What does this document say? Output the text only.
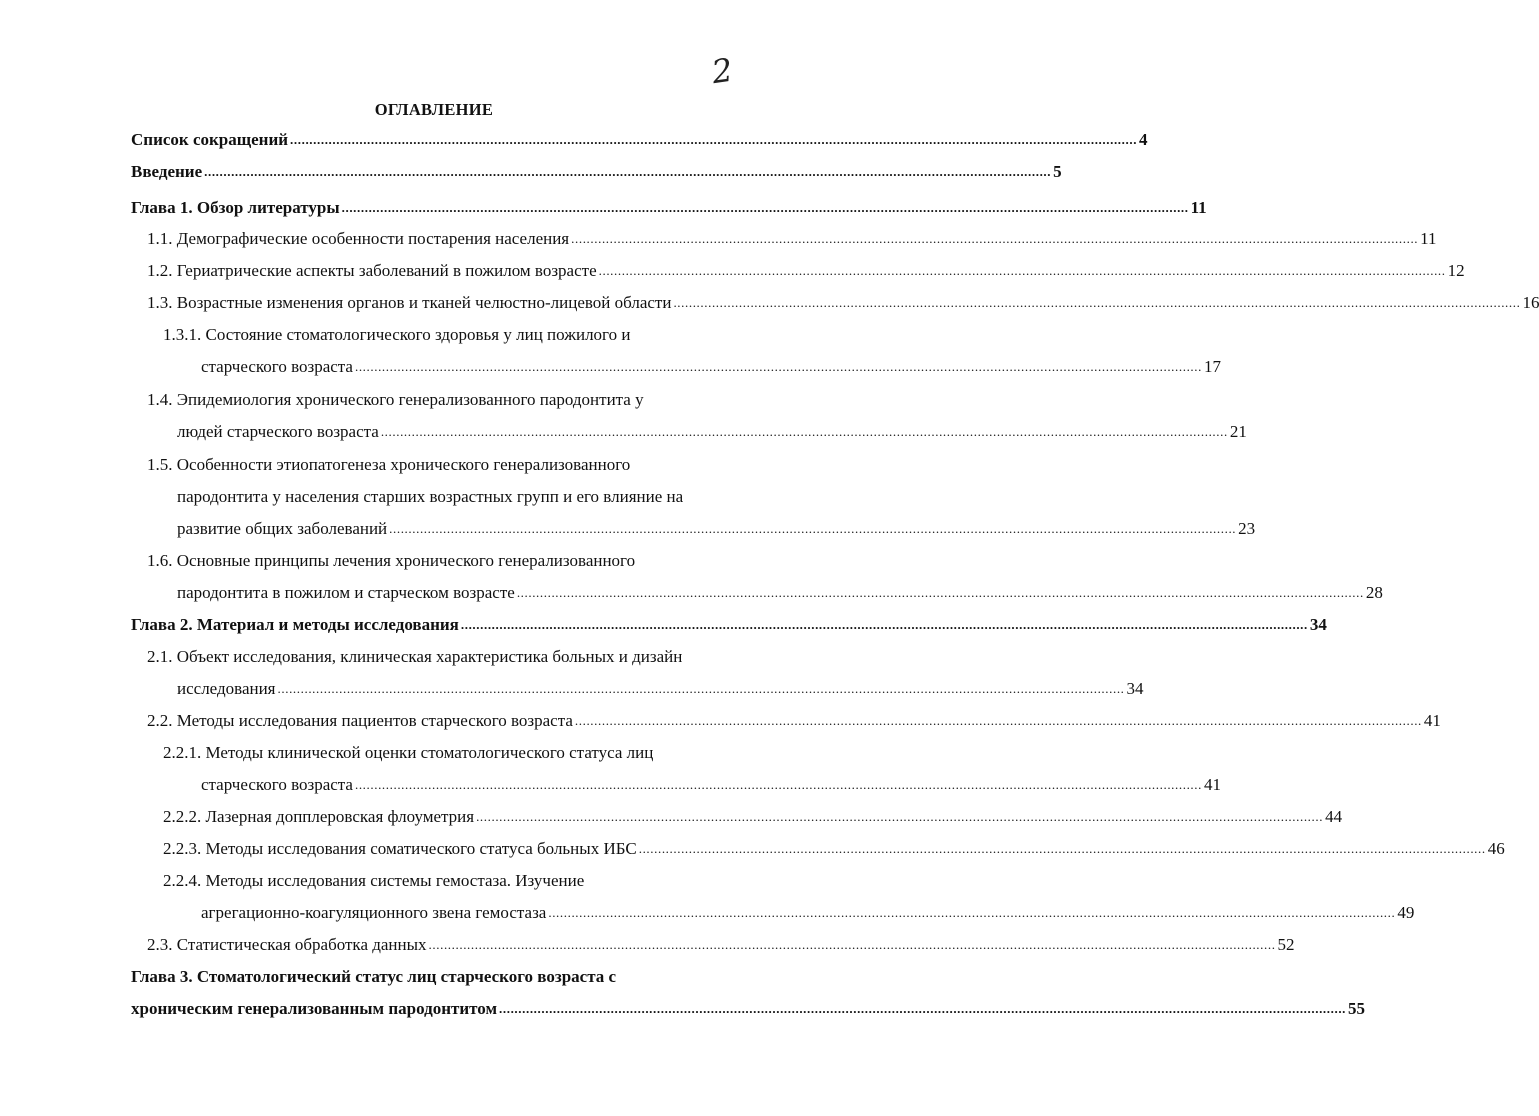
2
ОГЛАВЛЕНИЕ
Список сокращений ............................................................................................................................................................................................................................ 4
Введение ............................................................................................................................................................................................................................ 5
Глава 1. Обзор литературы ............................................................................................................................................................................................................................ 11
1.1. Демографические особенности постарения населения ............................................................................................................................................................................................................................ 11
1.2. Гериатрические аспекты заболеваний в пожилом возрасте ............................................................................................................................................................................................................................ 12
1.3. Возрастные изменения органов и тканей челюстно-лицевой области ............................................................................................................................................................................................................................ 16
1.3.1. Состояние стоматологического здоровья у лиц пожилого и
старческого возраста ............................................................................................................................................................................................................................ 17
1.4. Эпидемиология хронического генерализованного пародонтита у
людей старческого возраста ............................................................................................................................................................................................................................ 21
1.5. Особенности этиопатогенеза хронического генерализованного
пародонтита у населения старших возрастных групп и его влияние на
развитие общих заболеваний ............................................................................................................................................................................................................................ 23
1.6. Основные принципы лечения хронического генерализованного
пародонтита в пожилом и старческом возрасте ............................................................................................................................................................................................................................ 28
Глава 2. Материал и методы исследования ............................................................................................................................................................................................................................ 34
2.1. Объект исследования, клиническая характеристика больных и дизайн
исследования ............................................................................................................................................................................................................................ 34
2.2. Методы исследования пациентов старческого возраста ............................................................................................................................................................................................................................ 41
2.2.1. Методы клинической оценки стоматологического статуса лиц
старческого возраста ............................................................................................................................................................................................................................ 41
2.2.2. Лазерная допплеровская флоуметрия ............................................................................................................................................................................................................................ 44
2.2.3. Методы исследования соматического статуса больных ИБС ............................................................................................................................................................................................................................ 46
2.2.4. Методы исследования системы гемостаза. Изучение
агрегационно-коагуляционного звена гемостаза ............................................................................................................................................................................................................................ 49
2.3. Статистическая обработка данных ............................................................................................................................................................................................................................ 52
Глава 3. Стоматологический статус лиц старческого возраста с
хроническим генерализованным пародонтитом ............................................................................................................................................................................................................................ 55
